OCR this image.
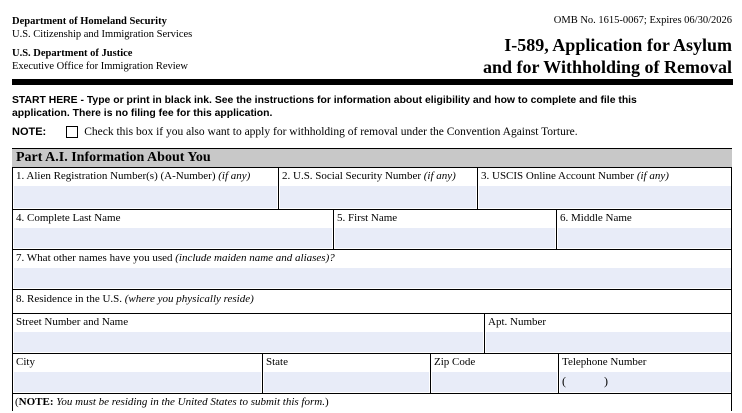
Department of Homeland Security
U.S. Citizenship and Immigration Services
U.S. Department of Justice
Executive Office for Immigration Review
OMB No. 1615-0067; Expires 06/30/2026
I-589, Application for Asylum
and for Withholding of Removal
START HERE - Type or print in black ink. See the instructions for information about eligibility and how to complete and file this
application. There is no filing fee for this application.
NOTE:	Check this box if you also want to apply for withholding of removal under the Convention Against Torture.
Part A.I. Information About You
1. Alien Registration Number(s) (A-Number) (if any)	2. U.S. Social Security Number (if any)	3. USCIS Online Account Number (if any)
4. Complete Last Name	5. First Name	6. Middle Name
7. What other names have you used (include maiden name and aliases)?
8. Residence in the U.S. (where you physically reside)
Street Number and Name	Apt. Number
City	State	Zip Code	Telephone Number
(	)
(NOTE: You must be residing in the United States to submit this form.)
